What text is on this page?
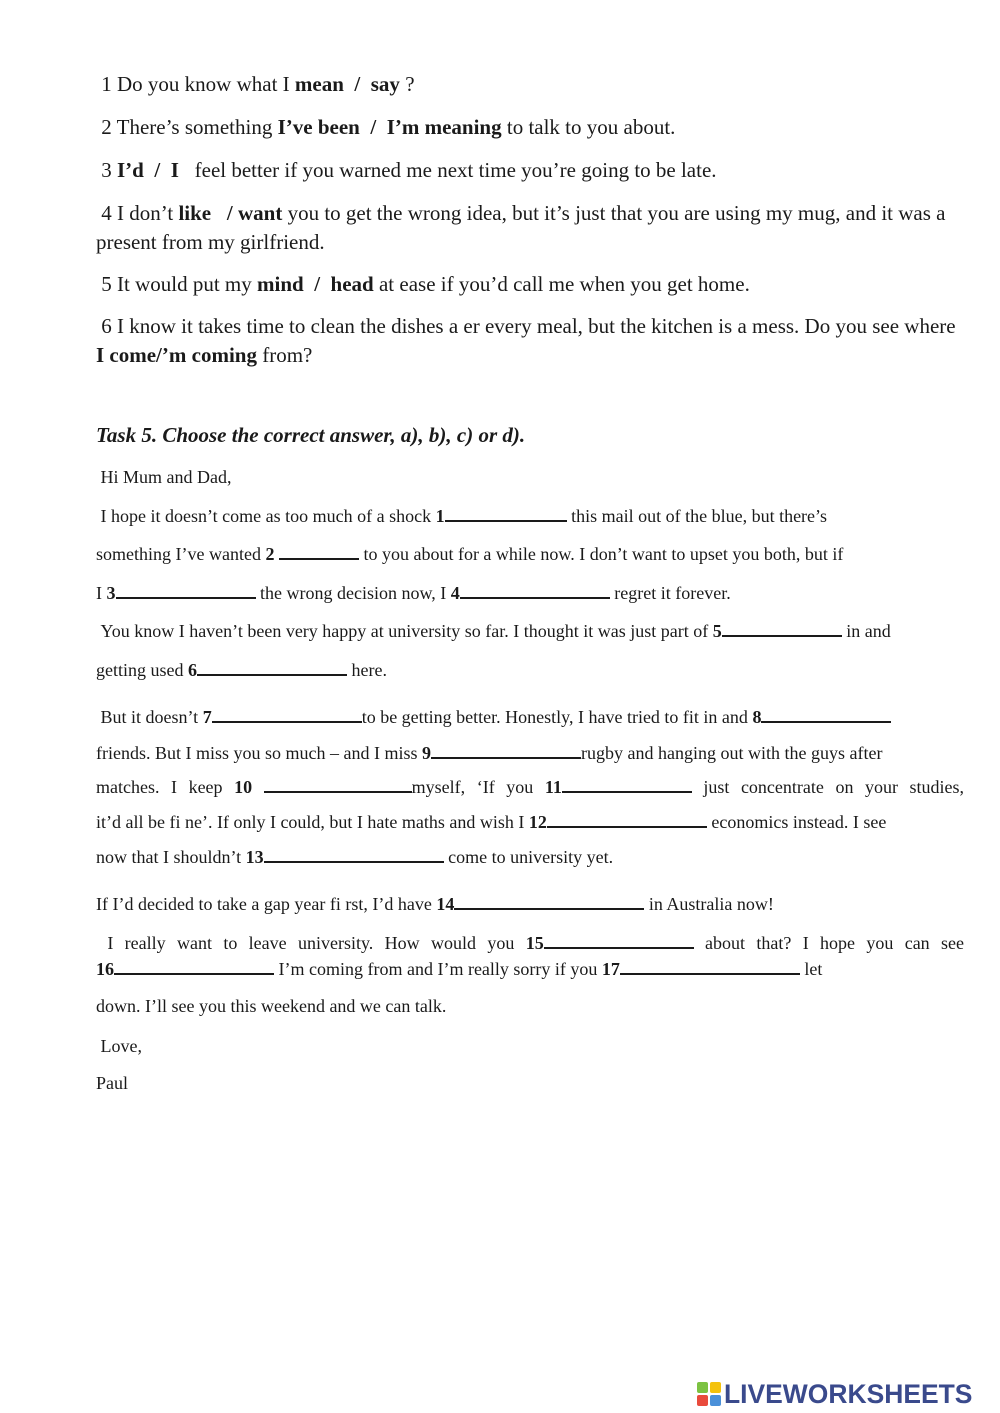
1 Do you know what I mean / say ?

2 There’s something I’ve been / I’m meaning to talk to you about.

3 I’d / I feel better if you warned me next time you’re going to be late.

4 I don’t like / want you to get the wrong idea, but it’s just that you are using my mug, and it was a present from my girlfriend.

5 It would put my mind / head at ease if you’d call me when you get home.

6 I know it takes time to clean the dishes a er every meal, but the kitchen is a mess. Do you see where I come/’m coming from?

Task 5. Choose the correct answer, a), b), c) or d).

Hi Mum and Dad,

I hope it doesn’t come as too much of a shock 1	this mail out of the blue, but there’s

something I’ve wanted 2	to you about for a while now. I don’t want to upset you both, but if

I 3	the wrong decision now, I 4	regret it forever.

You know I haven’t been very happy at university so far. I thought it was just part of 5	in and

getting used 6	here.

But it doesn’t 7	to be getting better. Honestly, I have tried to fit in and 8

friends. But I miss you so much – and I miss 9	rugby and hanging out with the guys after

matches. I keep 10	myself, ‘If you 11	just concentrate on your studies,

it’d all be fi ne’. If only I could, but I hate maths and wish I 12	economics instead. I see

now that I shouldn’t 13	come to university yet.

If I’d decided to take a gap year fi rst, I’d have 14	in Australia now!

I really want to leave university. How would you 15	about that? I hope you can see

16	I’m coming from and I’m really sorry if you 17	let

down. I’ll see you this weekend and we can talk.

Love,

Paul

LIVEWORKSHEETS
